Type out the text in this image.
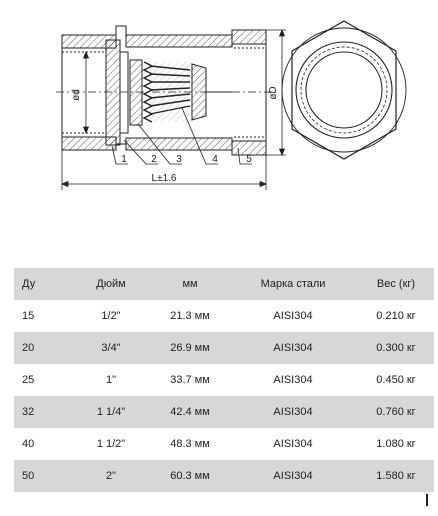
ød	øD
L±1.6
1 2 3	4	5
Ду	Дюйм	мм	Марка стали	Вес (кг)
15	1/2"	21.3 мм	AISI304	0.210 кг
20	3/4"	26.9 мм	AISI304	0.300 кг
25	1"	33.7 мм	AISI304	0.450 кг
32	1 1/4"	42.4 мм	AISI304	0.760 кг
40	1 1/2"	48.3 мм	AISI304	1.080 кг
50	2"	60.3 мм	AISI304	1.580 кг
